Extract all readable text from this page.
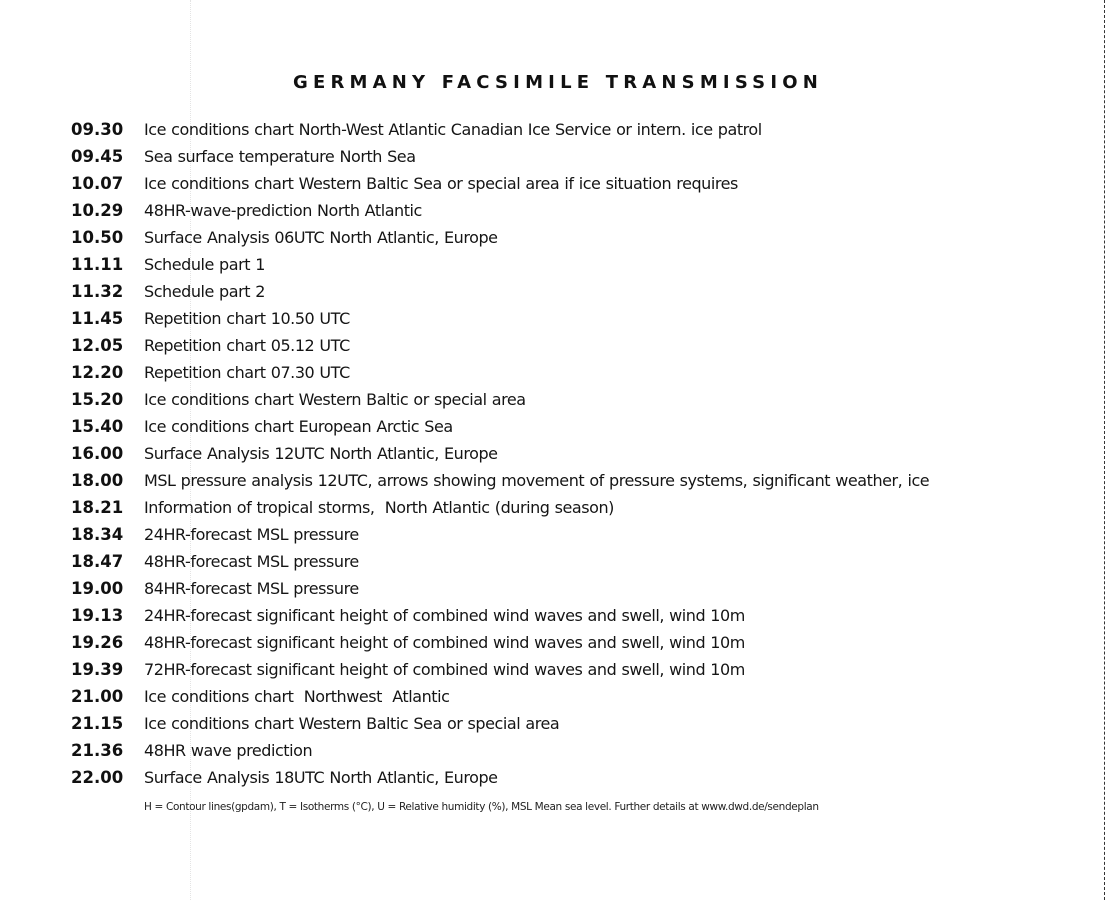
GERMANY FACSIMILE TRANSMISSION
09.30	Ice conditions chart North-West Atlantic Canadian Ice Service or intern. ice patrol
09.45	Sea surface temperature North Sea
10.07	Ice conditions chart Western Baltic Sea or special area if ice situation requires
10.29	48HR-wave-prediction North Atlantic
10.50	Surface Analysis 06UTC North Atlantic, Europe
11.11	Schedule part 1
11.32	Schedule part 2
11.45	Repetition chart 10.50 UTC
12.05	Repetition chart 05.12 UTC
12.20	Repetition chart 07.30 UTC
15.20	Ice conditions chart Western Baltic or special area
15.40	Ice conditions chart European Arctic Sea
16.00	Surface Analysis 12UTC North Atlantic, Europe
18.00	MSL pressure analysis 12UTC, arrows showing movement of pressure systems, significant weather, ice
18.21	Information of tropical storms,  North Atlantic (during season)
18.34	24HR-forecast MSL pressure
18.47	48HR-forecast MSL pressure
19.00	84HR-forecast MSL pressure
19.13	24HR-forecast significant height of combined wind waves and swell, wind 10m
19.26	48HR-forecast significant height of combined wind waves and swell, wind 10m
19.39	72HR-forecast significant height of combined wind waves and swell, wind 10m
21.00	Ice conditions chart  Northwest  Atlantic
21.15	Ice conditions chart Western Baltic Sea or special area
21.36	48HR wave prediction
22.00	Surface Analysis 18UTC North Atlantic, Europe
H = Contour lines(gpdam), T = Isotherms (°C), U = Relative humidity (%), MSL Mean sea level. Further details at www.dwd.de/sendeplan
